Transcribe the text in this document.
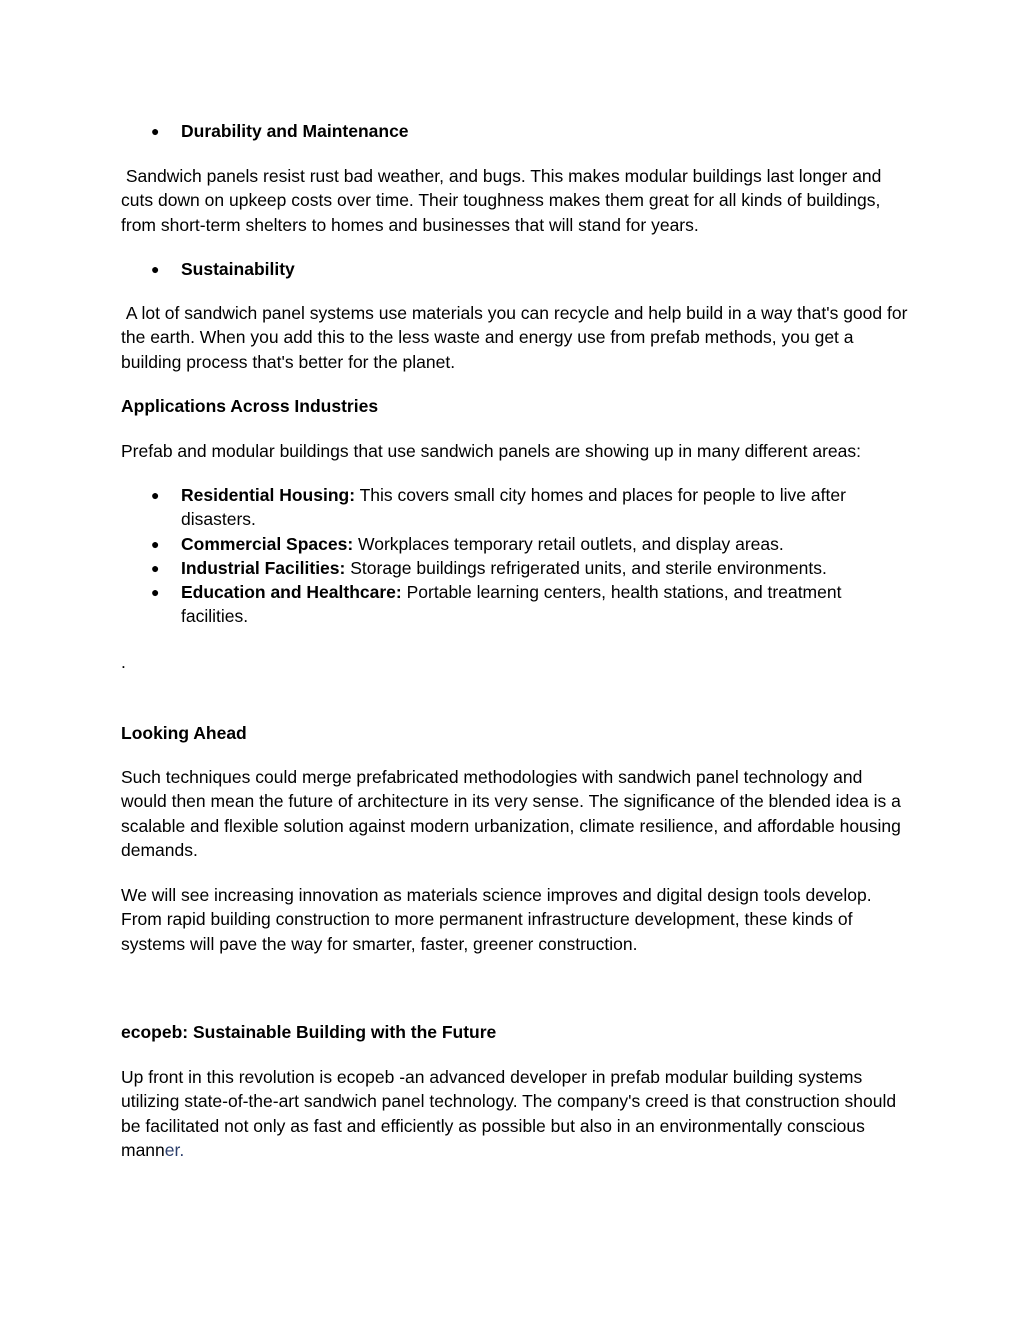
● Durability and Maintenance

Sandwich panels resist rust bad weather, and bugs. This makes modular buildings last longer and cuts down on upkeep costs over time. Their toughness makes them great for all kinds of buildings, from short-term shelters to homes and businesses that will stand for years.

● Sustainability

A lot of sandwich panel systems use materials you can recycle and help build in a way that's good for the earth. When you add this to the less waste and energy use from prefab methods, you get a building process that's better for the planet.

Applications Across Industries

Prefab and modular buildings that use sandwich panels are showing up in many different areas:

● Residential Housing: This covers small city homes and places for people to live after disasters.
● Commercial Spaces: Workplaces temporary retail outlets, and display areas.
● Industrial Facilities: Storage buildings refrigerated units, and sterile environments.
● Education and Healthcare: Portable learning centers, health stations, and treatment facilities.

.

Looking Ahead

Such techniques could merge prefabricated methodologies with sandwich panel technology and would then mean the future of architecture in its very sense. The significance of the blended idea is a scalable and flexible solution against modern urbanization, climate resilience, and affordable housing demands.

We will see increasing innovation as materials science improves and digital design tools develop. From rapid building construction to more permanent infrastructure development, these kinds of systems will pave the way for smarter, faster, greener construction.

ecopeb: Sustainable Building with the Future

Up front in this revolution is ecopeb -an advanced developer in prefab modular building systems utilizing state-of-the-art sandwich panel technology. The company's creed is that construction should be facilitated not only as fast and efficiently as possible but also in an environmentally conscious manner.
